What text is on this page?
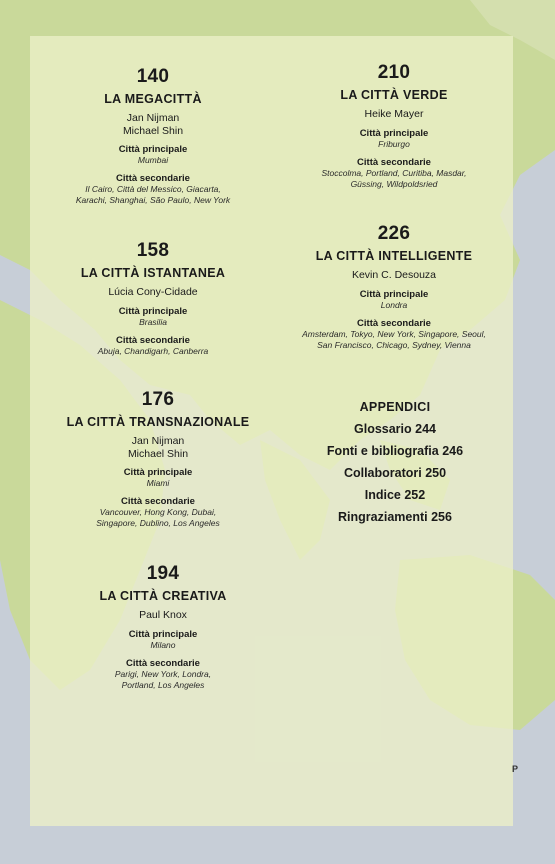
140
LA MEGACITTÀ
Jan Nijman
Michael Shin
Città principale
Mumbai
Città secondarie
Il Cairo, Città del Messico, Giacarta,
Karachi, Shanghai, São Paulo, New York
158
LA CITTÀ ISTANTANEA
Lúcia Cony-Cidade
Città principale
Brasilia
Città secondarie
Abuja, Chandigarh, Canberra
176
LA CITTÀ TRANSNAZIONALE
Jan Nijman
Michael Shin
Città principale
Miami
Città secondarie
Vancouver, Hong Kong, Dubai,
Singapore, Dublino, Los Angeles
194
LA CITTÀ CREATIVA
Paul Knox
Città principale
Milano
Città secondarie
Parigi, New York, Londra,
Portland, Los Angeles
210
LA CITTÀ VERDE
Heike Mayer
Città principale
Friburgo
Città secondarie
Stoccolma, Portland, Curitiba, Masdar,
Güssing, Wildpoldsried
226
LA CITTÀ INTELLIGENTE
Kevin C. Desouza
Città principale
Londra
Città secondarie
Amsterdam, Tokyo, New York, Singapore, Seoul,
San Francisco, Chicago, Sydney, Vienna
APPENDICI
Glossario 244
Fonti e bibliografia 246
Collaboratori 250
Indice 252
Ringraziamenti 256
P
